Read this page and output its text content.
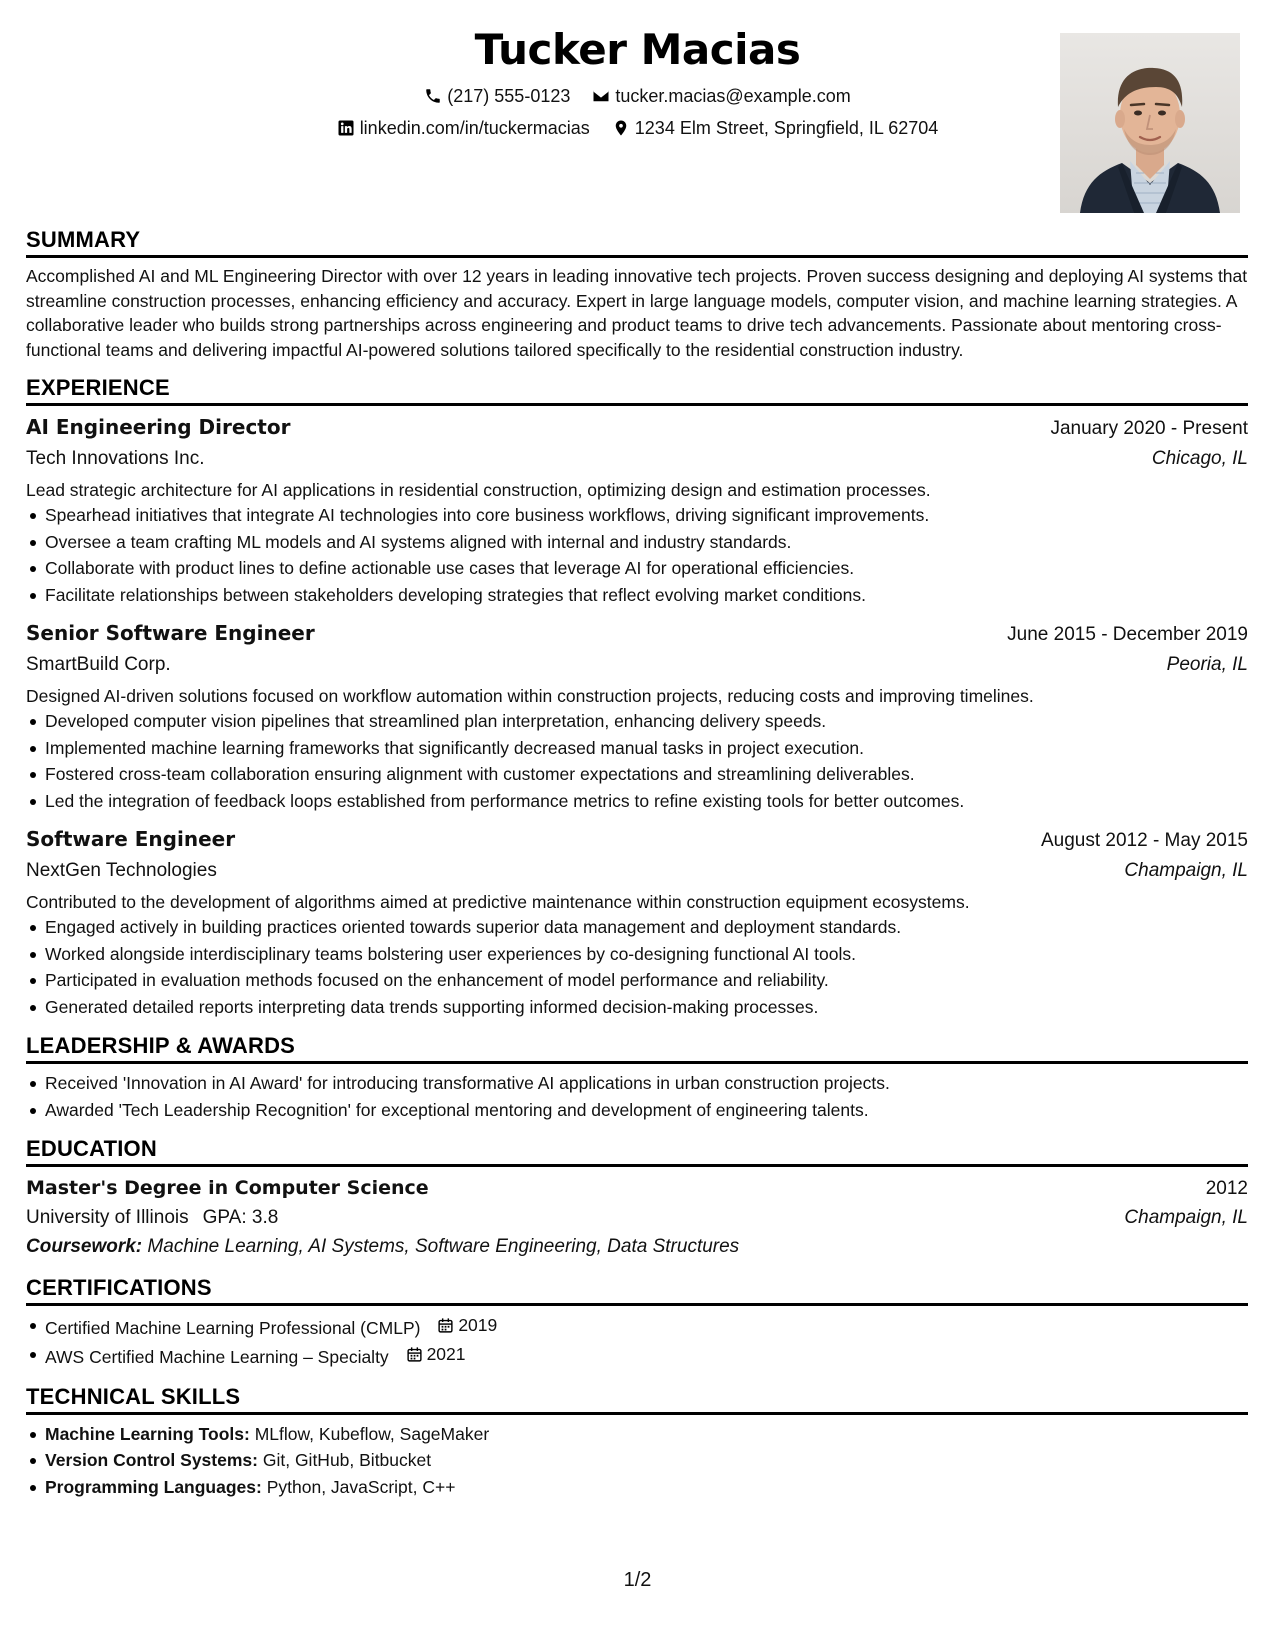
Tucker Macias
(217) 555-0123	tucker.macias@example.com
linkedin.com/in/tuckermacias	1234 Elm Street, Springfield, IL 62704
SUMMARY
Accomplished AI and ML Engineering Director with over 12 years in leading innovative tech projects. Proven success designing and deploying AI systems that streamline construction processes, enhancing efficiency and accuracy. Expert in large language models, computer vision, and machine learning strategies. A collaborative leader who builds strong partnerships across engineering and product teams to drive tech advancements. Passionate about mentoring cross-functional teams and delivering impactful AI-powered solutions tailored specifically to the residential construction industry.
EXPERIENCE
AI Engineering Director	January 2020 - Present
Tech Innovations Inc.	Chicago, IL
Lead strategic architecture for AI applications in residential construction, optimizing design and estimation processes.
Spearhead initiatives that integrate AI technologies into core business workflows, driving significant improvements.
Oversee a team crafting ML models and AI systems aligned with internal and industry standards.
Collaborate with product lines to define actionable use cases that leverage AI for operational efficiencies.
Facilitate relationships between stakeholders developing strategies that reflect evolving market conditions.
Senior Software Engineer	June 2015 - December 2019
SmartBuild Corp.	Peoria, IL
Designed AI-driven solutions focused on workflow automation within construction projects, reducing costs and improving timelines.
Developed computer vision pipelines that streamlined plan interpretation, enhancing delivery speeds.
Implemented machine learning frameworks that significantly decreased manual tasks in project execution.
Fostered cross-team collaboration ensuring alignment with customer expectations and streamlining deliverables.
Led the integration of feedback loops established from performance metrics to refine existing tools for better outcomes.
Software Engineer	August 2012 - May 2015
NextGen Technologies	Champaign, IL
Contributed to the development of algorithms aimed at predictive maintenance within construction equipment ecosystems.
Engaged actively in building practices oriented towards superior data management and deployment standards.
Worked alongside interdisciplinary teams bolstering user experiences by co-designing functional AI tools.
Participated in evaluation methods focused on the enhancement of model performance and reliability.
Generated detailed reports interpreting data trends supporting informed decision-making processes.
LEADERSHIP & AWARDS
Received 'Innovation in AI Award' for introducing transformative AI applications in urban construction projects.
Awarded 'Tech Leadership Recognition' for exceptional mentoring and development of engineering talents.
EDUCATION
Master's Degree in Computer Science	2012
University of Illinois GPA: 3.8	Champaign, IL
Coursework: Machine Learning, AI Systems, Software Engineering, Data Structures
CERTIFICATIONS
Certified Machine Learning Professional (CMLP) 2019
AWS Certified Machine Learning – Specialty 2021
TECHNICAL SKILLS
Machine Learning Tools: MLflow, Kubeflow, SageMaker
Version Control Systems: Git, GitHub, Bitbucket
Programming Languages: Python, JavaScript, C++
1/2
